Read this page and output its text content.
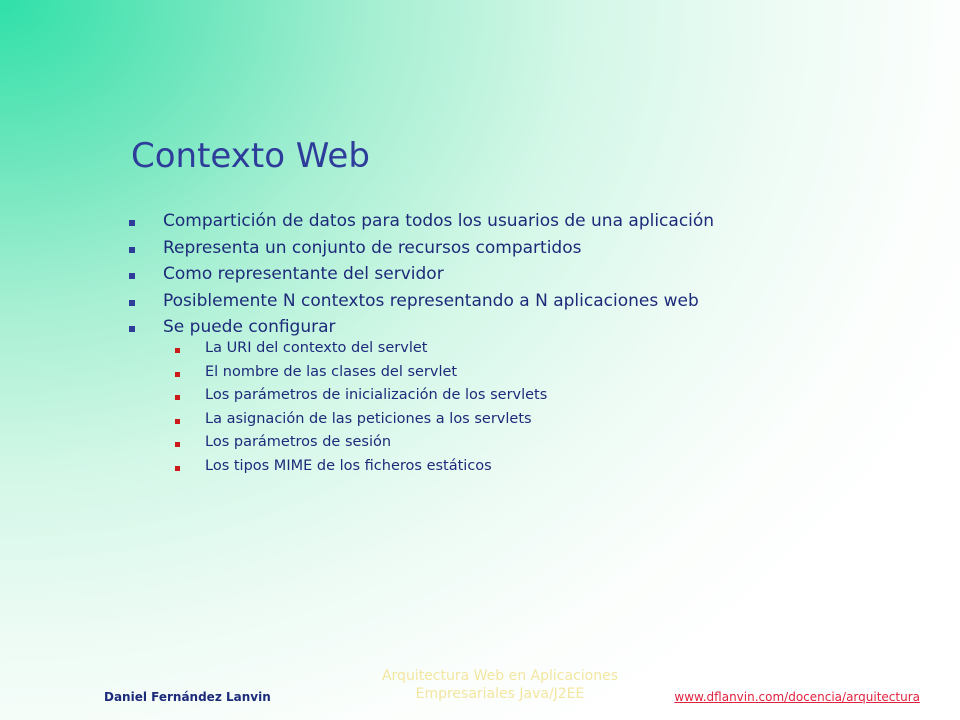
Contexto Web
Compartición de datos para todos los usuarios de una aplicación
Representa un conjunto de recursos compartidos
Como representante del servidor
Posiblemente N contextos representando a N aplicaciones web
Se puede configurar
La URI del contexto del servlet
El nombre de las clases del servlet
Los parámetros de inicialización de los servlets
La asignación de las peticiones a los servlets
Los parámetros de sesión
Los tipos MIME de los ficheros estáticos
Daniel Fernández Lanvin
Arquitectura Web en Aplicaciones
Empresariales Java/J2EE	www.dflanvin.com/docencia/arquitectura
